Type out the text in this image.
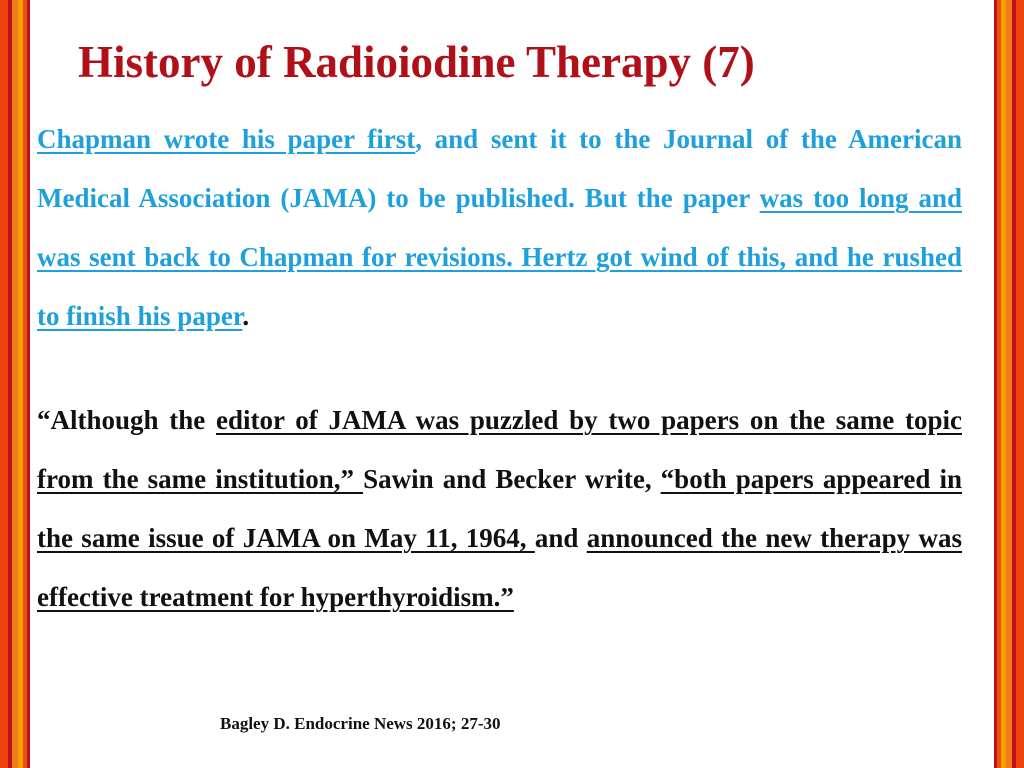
History of Radioiodine Therapy (7)

Chapman wrote his paper first, and sent it to the Journal of the American Medical Association (JAMA) to be published. But the paper was too long and was sent back to Chapman for revisions. Hertz got wind of this, and he rushed to finish his paper.

“Although the editor of JAMA was puzzled by two papers on the same topic from the same institution,” Sawin and Becker write, “both papers appeared in the same issue of JAMA on May 11, 1964, and announced the new therapy was effective treatment for hyperthyroidism.”

Bagley D. Endocrine News 2016; 27-30
